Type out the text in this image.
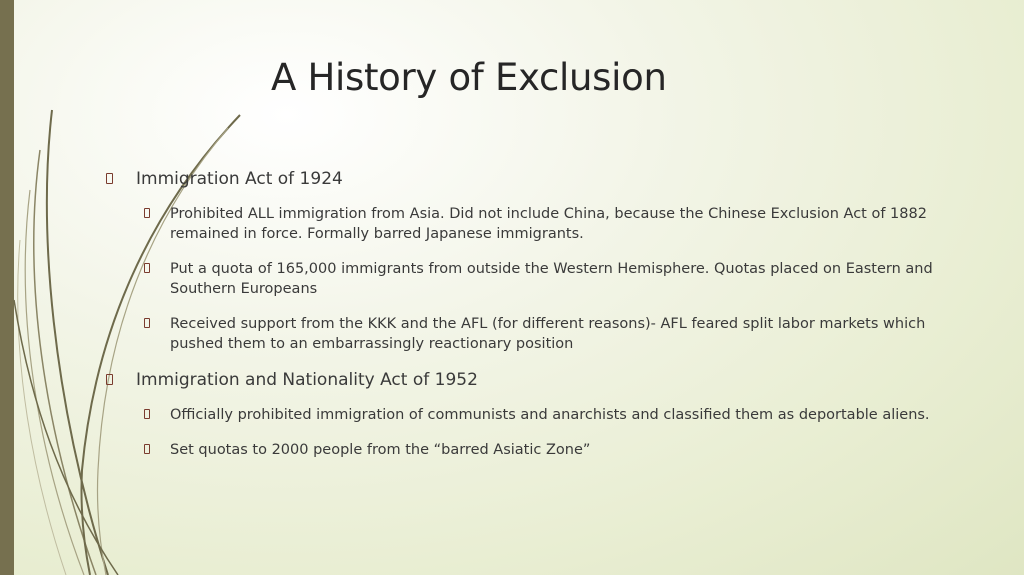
A History of Exclusion
Immigration Act of 1924
Prohibited ALL immigration from Asia. Did not include China, because the Chinese Exclusion Act of 1882 remained in force. Formally barred Japanese immigrants.
Put a quota of 165,000 immigrants from outside the Western Hemisphere. Quotas placed on Eastern and Southern Europeans
Received support from the KKK and the AFL (for different reasons)- AFL feared split labor markets which pushed them to an embarrassingly reactionary position
Immigration and Nationality Act of 1952
Officially prohibited immigration of communists and anarchists and classified them as deportable aliens.
Set quotas to 2000 people from the “barred Asiatic Zone”
